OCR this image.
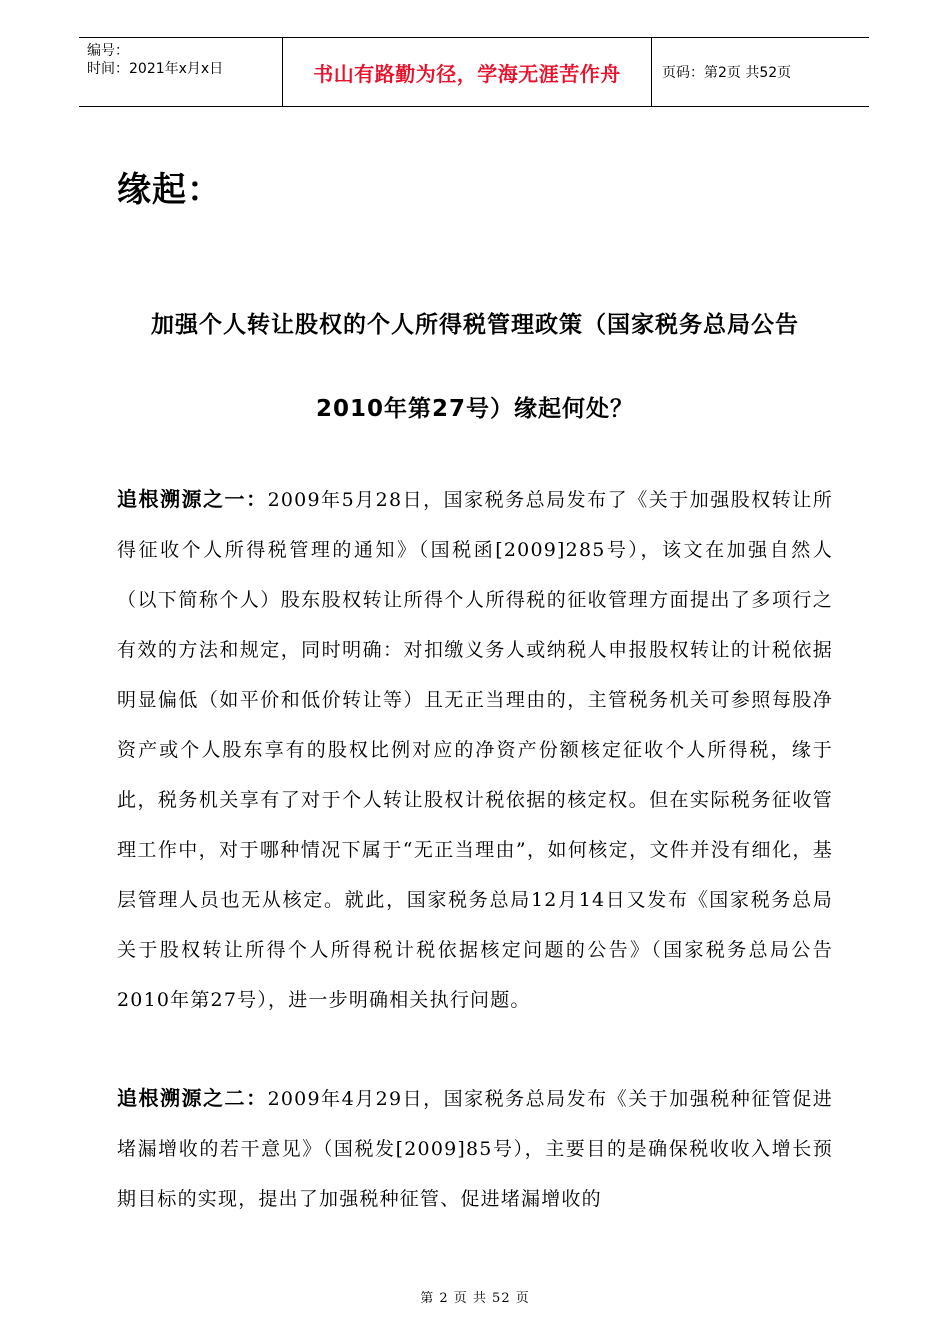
编号：
时间：2021年x月x日	书山有路勤为径，学海无涯苦作舟	页码：第2页 共52页
缘起：
加强个人转让股权的个人所得税管理政策（国家税务总局公告
2010年第27号）缘起何处？
追根溯源之一：2009年5月28日，国家税务总局发布了《关于加强股权转让所得征收个人所得税管理的通知》（国税函[2009]285号），该文在加强自然人（以下简称个人）股东股权转让所得个人所得税的征收管理方面提出了多项行之有效的方法和规定，同时明确：对扣缴义务人或纳税人申报股权转让的计税依据明显偏低（如平价和低价转让等）且无正当理由的，主管税务机关可参照每股净资产或个人股东享有的股权比例对应的净资产份额核定征收个人所得税，缘于此，税务机关享有了对于个人转让股权计税依据的核定权。但在实际税务征收管理工作中，对于哪种情况下属于“无正当理由”，如何核定，文件并没有细化，基层管理人员也无从核定。就此，国家税务总局12月14日又发布《国家税务总局关于股权转让所得个人所得税计税依据核定问题的公告》（国家税务总局公告2010年第27号），进一步明确相关执行问题。
追根溯源之二：2009年4月29日，国家税务总局发布《关于加强税种征管促进堵漏增收的若干意见》（国税发[2009]85号），主要目的是确保税收收入增长预期目标的实现，提出了加强税种征管、促进堵漏增收的
第 2 页 共 52 页
